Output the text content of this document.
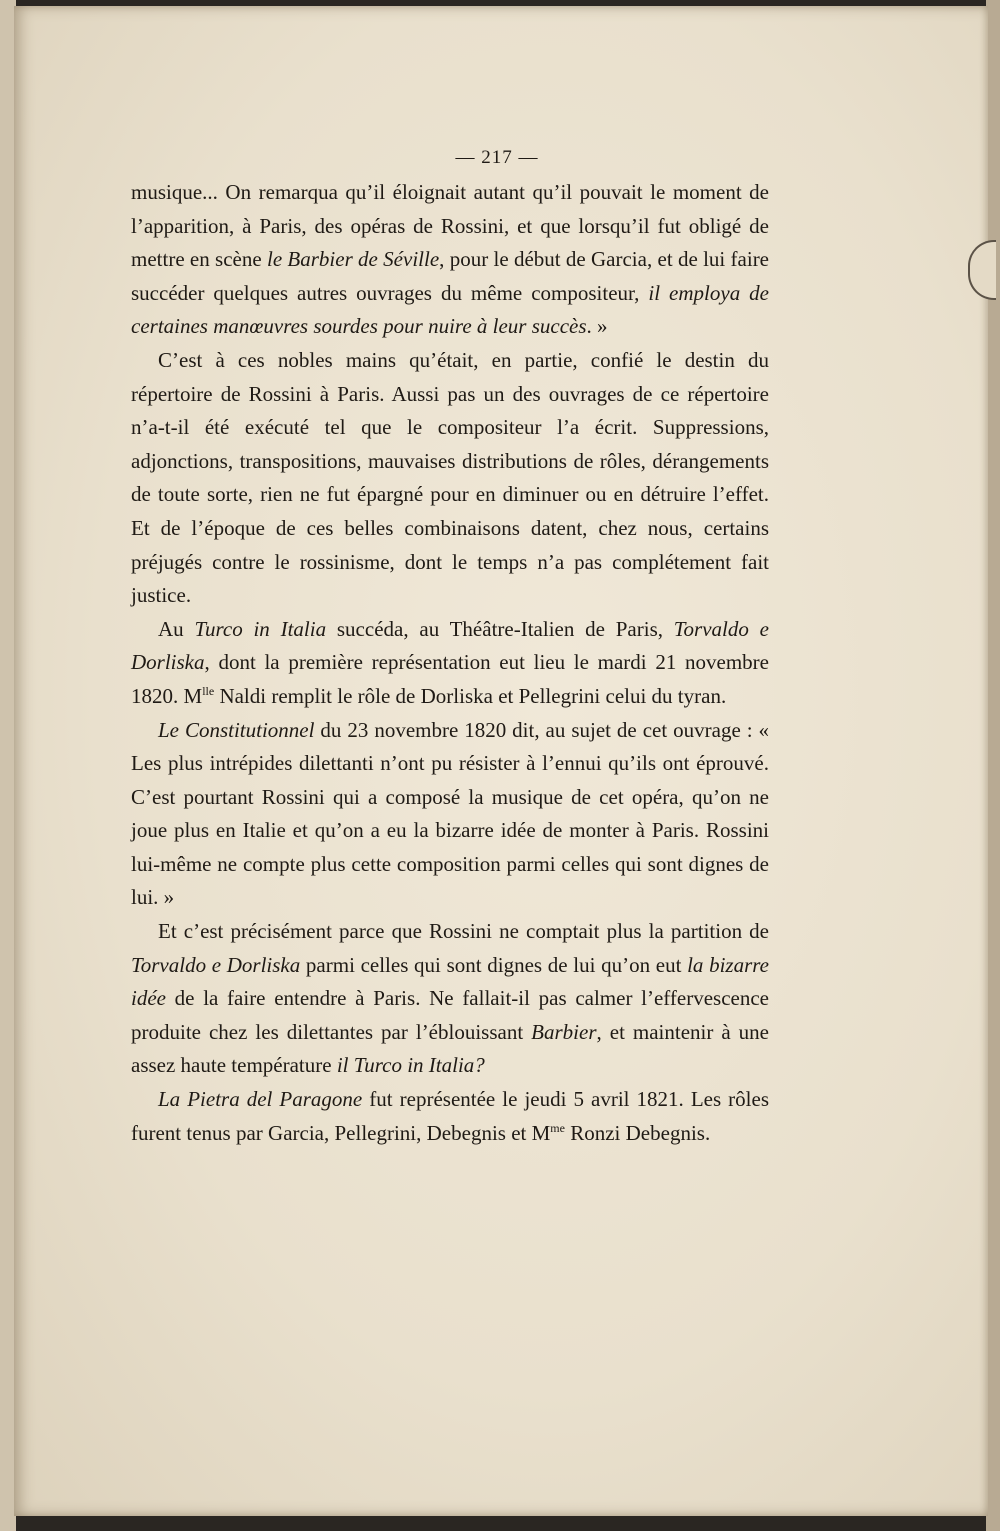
— 217 —

musique... On remarqua qu’il éloignait autant qu’il pouvait le moment de l’apparition, à Paris, des opéras de Rossini, et que lorsqu’il fut obligé de mettre en scène le Barbier de Séville, pour le début de Garcia, et de lui faire succéder quelques autres ouvrages du même compositeur, il employa de certaines manœuvres sourdes pour nuire à leur succès. »

C’est à ces nobles mains qu’était, en partie, confié le destin du répertoire de Rossini à Paris. Aussi pas un des ouvrages de ce répertoire n’a-t-il été exécuté tel que le compositeur l’a écrit. Suppressions, adjonctions, transpositions, mauvaises distributions de rôles, dérangements de toute sorte, rien ne fut épargné pour en diminuer ou en détruire l’effet. Et de l’époque de ces belles combinaisons datent, chez nous, certains préjugés contre le rossinisme, dont le temps n’a pas complétement fait justice.

Au Turco in Italia succéda, au Théâtre-Italien de Paris, Torvaldo e Dorliska, dont la première représentation eut lieu le mardi 21 novembre 1820. $M^{lle}$ Naldi remplit le rôle de Dorliska et Pellegrini celui du tyran.

Le Constitutionnel du 23 novembre 1820 dit, au sujet de cet ouvrage : « Les plus intrépides dilettanti n’ont pu résister à l’ennui qu’ils ont éprouvé. C’est pourtant Rossini qui a composé la musique de cet opéra, qu’on ne joue plus en Italie et qu’on a eu la bizarre idée de monter à Paris. Rossini lui-même ne compte plus cette composition parmi celles qui sont dignes de lui. »

Et c’est précisément parce que Rossini ne comptait plus la partition de Torvaldo e Dorliska parmi celles qui sont dignes de lui qu’on eut la bizarre idée de la faire entendre à Paris. Ne fallait-il pas calmer l’effervescence produite chez les dilettantes par l’éblouissant Barbier, et maintenir à une assez haute température il Turco in Italia?

La Pietra del Paragone fut représentée le jeudi 5 avril 1821. Les rôles furent tenus par Garcia, Pellegrini, Debegnis et $M^{me}$ Ronzi Debegnis.
